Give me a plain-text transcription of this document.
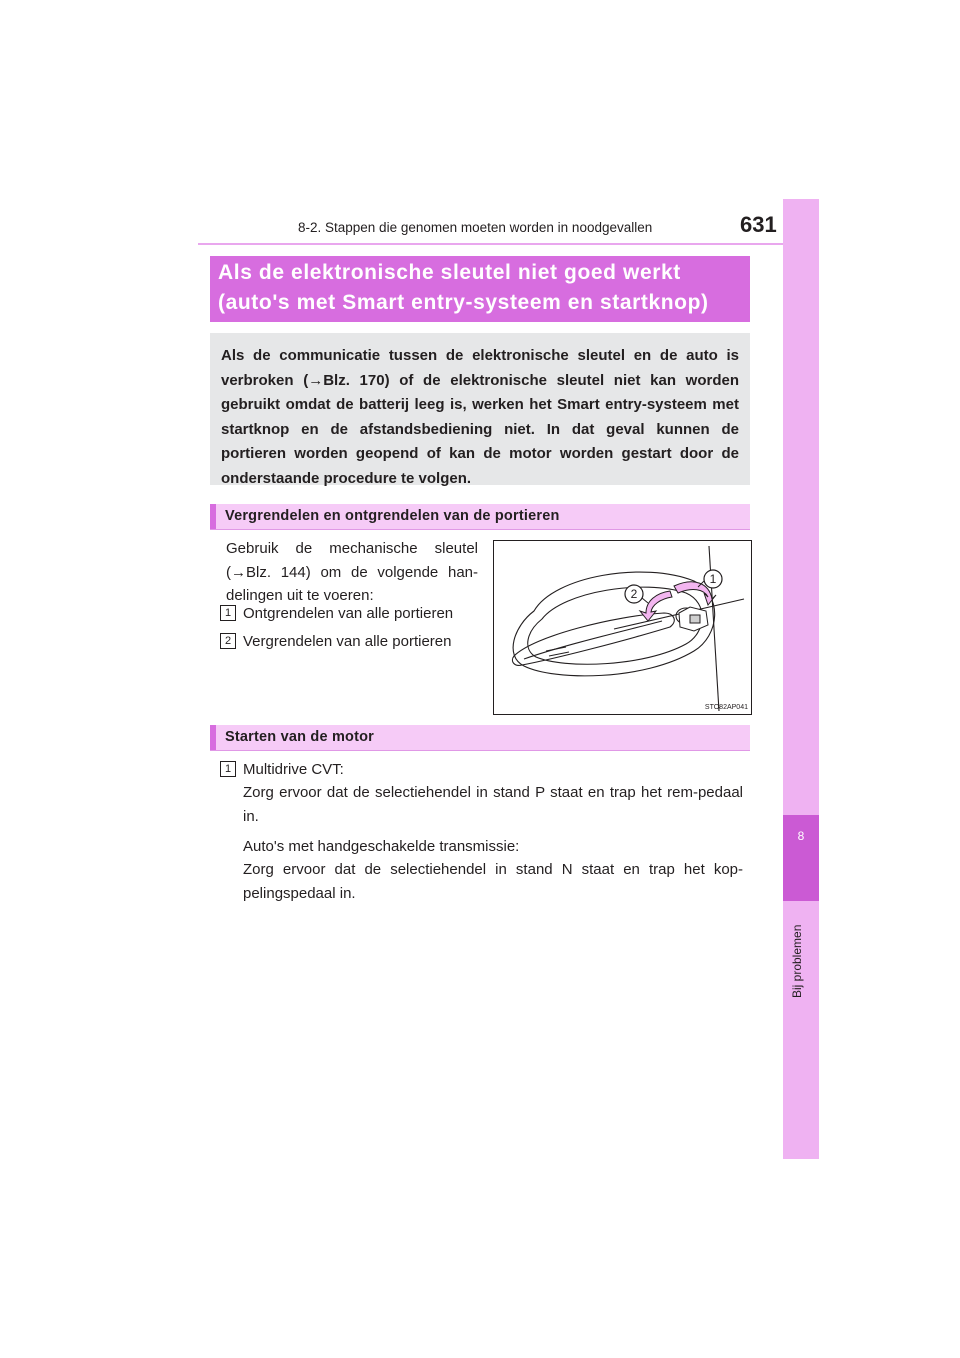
8-2. Stappen die genomen moeten worden in noodgevallen	631
8
Bij problemen
Als de elektronische sleutel niet goed werkt
(auto's met Smart entry-systeem en startknop)
Als de communicatie tussen de elektronische sleutel en de auto is verbroken (→Blz. 170) of de elektronische sleutel niet kan worden gebruikt omdat de batterij leeg is, werken het Smart entry-systeem met startknop en de afstandsbediening niet. In dat geval kunnen de portieren worden geopend of kan de motor worden gestart door de onderstaande procedure te volgen.
Vergrendelen en ontgrendelen van de portieren
Gebruik de mechanische sleutel (→Blz. 144) om de volgende han-delingen uit te voeren:
1 Ontgrendelen van alle portieren
2 Vergrendelen van alle portieren
1
2
STO82AP041
Starten van de motor
1 Multidrive CVT:
Zorg ervoor dat de selectiehendel in stand P staat en trap het rem-pedaal in.
Auto's met handgeschakelde transmissie:
Zorg ervoor dat de selectiehendel in stand N staat en trap het kop-pelingspedaal in.
